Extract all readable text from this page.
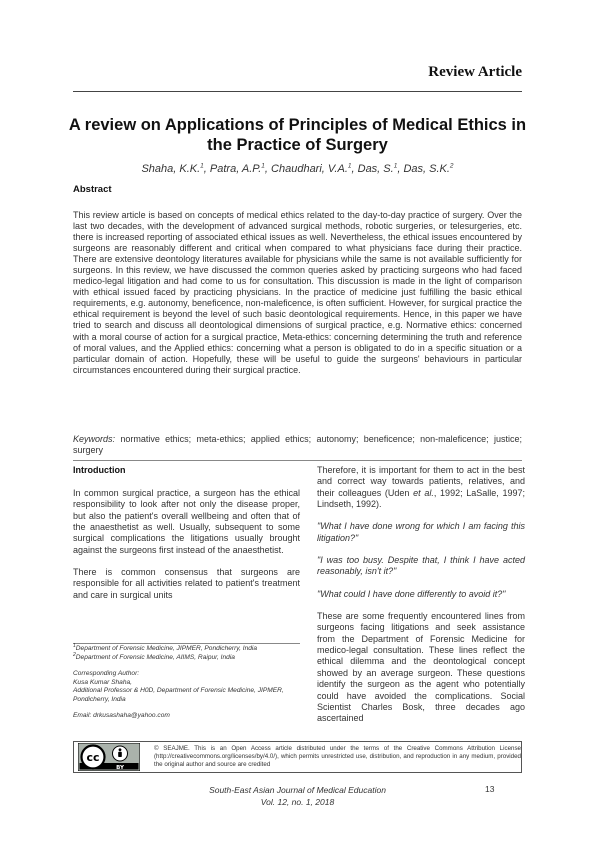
Review Article
A review on Applications of Principles of Medical Ethics in
the Practice of Surgery
Shaha, K.K.$^1$, Patra, A.P.$^1$, Chaudhari, V.A.$^1$, Das, S.$^1$, Das, S.K.$^2$
Abstract
This review article is based on concepts of medical ethics related to the day-to-day practice of surgery. Over the last two decades, with the development of advanced surgical methods, robotic surgeries, or telesurgeries, etc. there is increased reporting of associated ethical issues as well. Nevertheless, the ethical issues encountered by surgeons are reasonably different and critical when compared to what physicians face during their practice. There are extensive deontology literatures available for physicians while the same is not available sufficiently for surgeons. In this review, we have discussed the common queries asked by practicing surgeons who had faced medico-legal litigation and had come to us for consultation. This discussion is made in the light of comparison with ethical issued faced by practicing physicians. In the practice of medicine just fulfilling the basic ethical requirements, e.g. autonomy, beneficence, non-maleficence, is often sufficient. However, for surgical practice the ethical requirement is beyond the level of such basic deontological requirements. Hence, in this paper we have tried to search and discuss all deontological dimensions of surgical practice, e.g. Normative ethics: concerned with a moral course of action for a surgical practice, Meta-ethics: concerning determining the truth and reference of moral values, and the Applied ethics: concerning what a person is obligated to do in a specific situation or a particular domain of action. Hopefully, these will be useful to guide the surgeons' behaviours in particular circumstances encountered during their surgical practice.
Keywords: normative ethics; meta-ethics; applied ethics; autonomy; beneficence; non-maleficence; justice; surgery
Introduction

In common surgical practice, a surgeon has the ethical responsibility to look after not only the disease proper, but also the patient's overall wellbeing and often that of the anaesthetist as well. Usually, subsequent to some surgical complications the litigations usually brought against the surgeons first instead of the anaesthetist.

There is common consensus that surgeons are responsible for all activities related to patient's treatment and care in surgical units

Therefore, it is important for them to act in the best and correct way towards patients, relatives, and their colleagues (Uden et al., 1992; LaSalle, 1997; Lindseth, 1992).

"What I have done wrong for which I am facing this litigation?"

"I was too busy. Despite that, I think I have acted reasonably, isn't it?"

"What could I have done differently to avoid it?"

These are some frequently encountered lines from surgeons facing litigations and seek assistance from the Department of Forensic Medicine for medico-legal consultation. These lines reflect the ethical dilemma and the deontological concept showed by an average surgeon. These questions identify the surgeon as the agent who potentially could have avoided the complications. Social Scientist Charles Bosk, three decades ago ascertained

$^1$Department of Forensic Medicine, JIPMER, Pondicherry, India
$^2$Department of Forensic Medicine, AIIMS, Raipur, India
Corresponding Author:
Kusa Kumar Shaha,
Additional Professor & H0D, Department of Forensic Medicine, JIPMER, Pondicherry, India
Email: drkusashaha@yahoo.com
cc
BY
© SEAJME. This is an Open Access article distributed under the terms of the Creative Commons Attribution License (http://creativecommons.org/licenses/by/4.0/), which permits unrestricted use, distribution, and reproduction in any medium, provided the original author and source are credited
South-East Asian Journal of Medical Education
Vol. 12, no. 1, 2018
13
